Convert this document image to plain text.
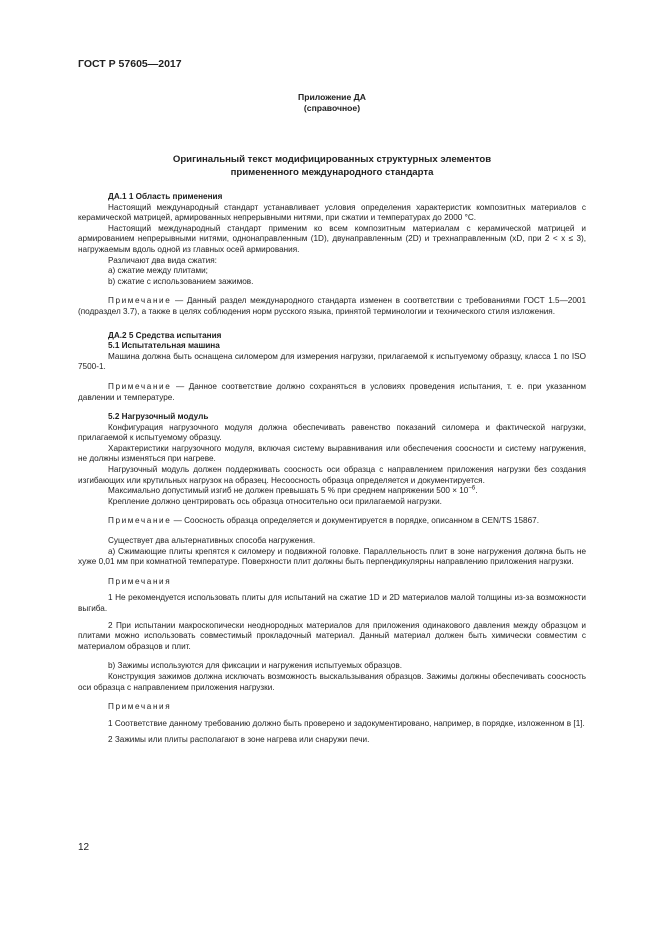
ГОСТ Р 57605—2017
Приложение ДА
(справочное)
Оригинальный текст модифицированных структурных элементов
примененного международного стандарта

ДА.1 1 Область применения

Настоящий международный стандарт устанавливает условия определения характеристик композитных материалов с керамической матрицей, армированных непрерывными нитями, при сжатии и температурах до 2000 °С.

Настоящий международный стандарт применим ко всем композитным материалам с керамической матрицей и армированием непрерывными нитями, однонаправленным (1D), двунаправленным (2D) и трехнаправленным (xD, при 2 < x ≤ 3), нагружаемым вдоль одной из главных осей армирования.

Различают два вида сжатия:

a) сжатие между плитами;

b) сжатие с использованием зажимов.

Примечание — Данный раздел международного стандарта изменен в соответствии с требованиями ГОСТ 1.5—2001 (подраздел 3.7), а также в целях соблюдения норм русского языка, принятой терминологии и технического стиля изложения.

ДА.2 5 Средства испытания

5.1 Испытательная машина

Машина должна быть оснащена силомером для измерения нагрузки, прилагаемой к испытуемому образцу, класса 1 по ISO 7500-1.

Примечание — Данное соответствие должно сохраняться в условиях проведения испытания, т. е. при указанном давлении и температуре.

5.2 Нагрузочный модуль

Конфигурация нагрузочного модуля должна обеспечивать равенство показаний силомера и фактической нагрузки, прилагаемой к испытуемому образцу.

Характеристики нагрузочного модуля, включая систему выравнивания или обеспечения соосности и систему нагружения, не должны изменяться при нагреве.

Нагрузочный модуль должен поддерживать соосность оси образца с направлением приложения нагрузки без создания изгибающих или крутильных нагрузок на образец. Несоосность образца определяется и документируется.

Максимально допустимый изгиб не должен превышать 5 % при среднем напряжении $500 \times 10^{-6}$.

Крепление должно центрировать ось образца относительно оси прилагаемой нагрузки.

Примечание — Соосность образца определяется и документируется в порядке, описанном в CEN/TS 15867.

Существует два альтернативных способа нагружения.

a) Сжимающие плиты крепятся к силомеру и подвижной головке. Параллельность плит в зоне нагружения должна быть не хуже 0,01 мм при комнатной температуре. Поверхности плит должны быть перпендикулярны направлению приложения нагрузки.

Примечания

1 Не рекомендуется использовать плиты для испытаний на сжатие 1D и 2D материалов малой толщины из-за возможности выгиба.

2 При испытании макроскопически неоднородных материалов для приложения одинакового давления между образцом и плитами можно использовать совместимый прокладочный материал. Данный материал должен быть химически совместим с материалом образцов и плит.

b) Зажимы используются для фиксации и нагружения испытуемых образцов.

Конструкция зажимов должна исключать возможность выскальзывания образцов. Зажимы должны обеспечивать соосность оси образца с направлением приложения нагрузки.

Примечания

1 Соответствие данному требованию должно быть проверено и задокументировано, например, в порядке, изложенном в [1].

2 Зажимы или плиты располагают в зоне нагрева или снаружи печи.

12
